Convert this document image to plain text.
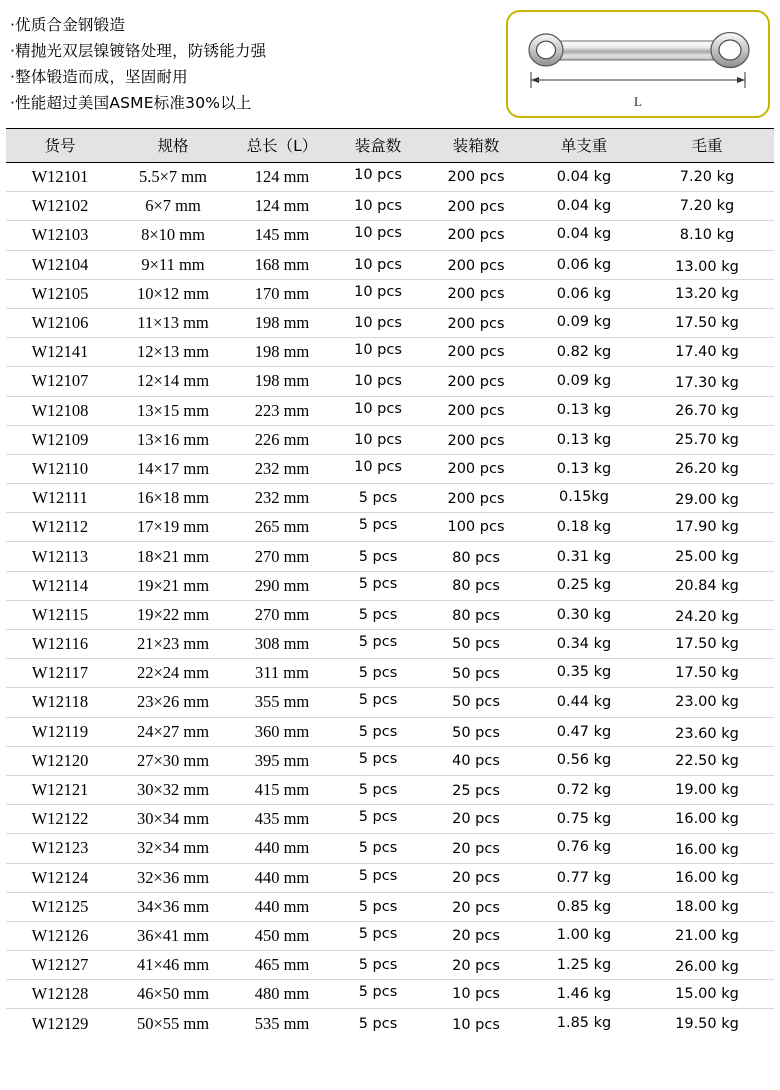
·优质合金钢锻造
·精抛光双层镍镀铬处理，防锈能力强
·整体锻造而成，坚固耐用
·性能超过美国ASME标准30%以上	L
货号	规格	总长（L）	装盒数	装箱数	单支重	毛重
W12101	5.5×7 mm	124 mm	10 pcs	200 pcs	0.04 kg	7.20 kg
W12102	6×7 mm	124 mm	10 pcs	200 pcs	0.04 kg	7.20 kg
W12103	8×10 mm	145 mm	10 pcs	200 pcs	0.04 kg	8.10 kg
W12104	9×11 mm	168 mm	10 pcs	200 pcs	0.06 kg	13.00 kg
W12105	10×12 mm	170 mm	10 pcs	200 pcs	0.06 kg	13.20 kg
W12106	11×13 mm	198 mm	10 pcs	200 pcs	0.09 kg	17.50 kg
W12141	12×13 mm	198 mm	10 pcs	200 pcs	0.82 kg	17.40 kg
W12107	12×14 mm	198 mm	10 pcs	200 pcs	0.09 kg	17.30 kg
W12108	13×15 mm	223 mm	10 pcs	200 pcs	0.13 kg	26.70 kg
W12109	13×16 mm	226 mm	10 pcs	200 pcs	0.13 kg	25.70 kg
W12110	14×17 mm	232 mm	10 pcs	200 pcs	0.13 kg	26.20 kg
W12111	16×18 mm	232 mm	5 pcs	200 pcs	0.15kg	29.00 kg
W12112	17×19 mm	265 mm	5 pcs	100 pcs	0.18 kg	17.90 kg
W12113	18×21 mm	270 mm	5 pcs	80 pcs	0.31 kg	25.00 kg
W12114	19×21 mm	290 mm	5 pcs	80 pcs	0.25 kg	20.84 kg
W12115	19×22 mm	270 mm	5 pcs	80 pcs	0.30 kg	24.20 kg
W12116	21×23 mm	308 mm	5 pcs	50 pcs	0.34 kg	17.50 kg
W12117	22×24 mm	311 mm	5 pcs	50 pcs	0.35 kg	17.50 kg
W12118	23×26 mm	355 mm	5 pcs	50 pcs	0.44 kg	23.00 kg
W12119	24×27 mm	360 mm	5 pcs	50 pcs	0.47 kg	23.60 kg
W12120	27×30 mm	395 mm	5 pcs	40 pcs	0.56 kg	22.50 kg
W12121	30×32 mm	415 mm	5 pcs	25 pcs	0.72 kg	19.00 kg
W12122	30×34 mm	435 mm	5 pcs	20 pcs	0.75 kg	16.00 kg
W12123	32×34 mm	440 mm	5 pcs	20 pcs	0.76 kg	16.00 kg
W12124	32×36 mm	440 mm	5 pcs	20 pcs	0.77 kg	16.00 kg
W12125	34×36 mm	440 mm	5 pcs	20 pcs	0.85 kg	18.00 kg
W12126	36×41 mm	450 mm	5 pcs	20 pcs	1.00 kg	21.00 kg
W12127	41×46 mm	465 mm	5 pcs	20 pcs	1.25 kg	26.00 kg
W12128	46×50 mm	480 mm	5 pcs	10 pcs	1.46 kg	15.00 kg
W12129	50×55 mm	535 mm	5 pcs	10 pcs	1.85 kg	19.50 kg
